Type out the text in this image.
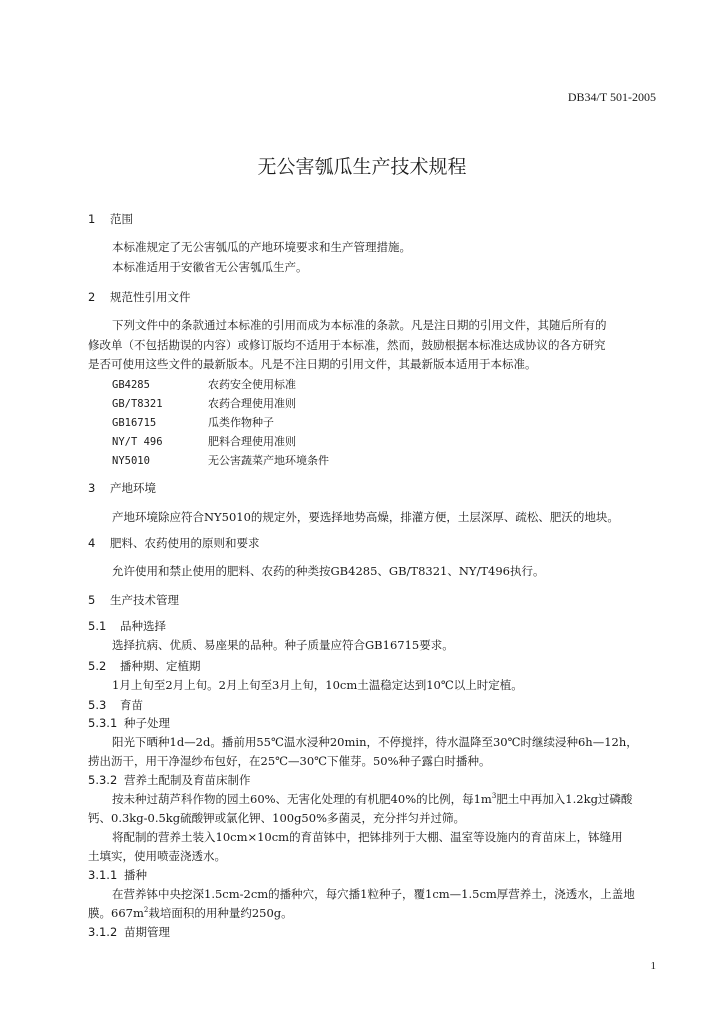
DB34/T 501-2005
无公害瓠瓜生产技术规程
1 范围
本标准规定了无公害瓠瓜的产地环境要求和生产管理措施。
本标准适用于安徽省无公害瓠瓜生产。
2 规范性引用文件
下列文件中的条款通过本标准的引用而成为本标准的条款。凡是注日期的引用文件，其随后所有的
修改单（不包括勘误的内容）或修订版均不适用于本标准，然而，鼓励根据本标准达成协议的各方研究
是否可使用这些文件的最新版本。凡是不注日期的引用文件，其最新版本适用于本标准。
GB4285	农药安全使用标准
GB/T8321	农药合理使用准则
GB16715	瓜类作物种子
NY/T 496	肥料合理使用准则
NY5010	无公害蔬菜产地环境条件
3 产地环境
产地环境除应符合NY5010的规定外，要选择地势高燥，排灌方便，土层深厚、疏松、肥沃的地块。
4 肥料、农药使用的原则和要求
允许使用和禁止使用的肥料、农药的种类按GB4285、GB/T8321、NY/T496执行。
5 生产技术管理
5.1 品种选择
选择抗病、优质、易座果的品种。种子质量应符合GB16715要求。
5.2 播种期、定植期
1月上旬至2月上旬。2月上旬至3月上旬，10cm土温稳定达到10℃以上时定植。
5.3 育苗
5.3.1 种子处理
阳光下晒种1d—2d。播前用55℃温水浸种20min，不停搅拌，待水温降至30℃时继续浸种6h—12h，
捞出沥干，用干净湿纱布包好，在25℃—30℃下催芽。50%种子露白时播种。
5.3.2 营养土配制及育苗床制作
按未种过葫芦科作物的园土60%、无害化处理的有机肥40%的比例，每$1m^3$肥土中再加入1.2kg过磷酸
钙、0.3kg-0.5kg硫酸钾或氯化钾、100g50%多菌灵，充分拌匀并过筛。
将配制的营养土装入10cm×10cm的育苗钵中，把钵排列于大棚、温室等设施内的育苗床上，钵缝用
土填实，使用喷壶浇透水。
3.1.1 播种
在营养钵中央挖深1.5cm-2cm的播种穴，每穴播1粒种子，覆1cm—1.5cm厚营养土，浇透水，上盖地
膜。$667m^2$栽培面积的用种量约250g。
3.1.2 苗期管理
1
